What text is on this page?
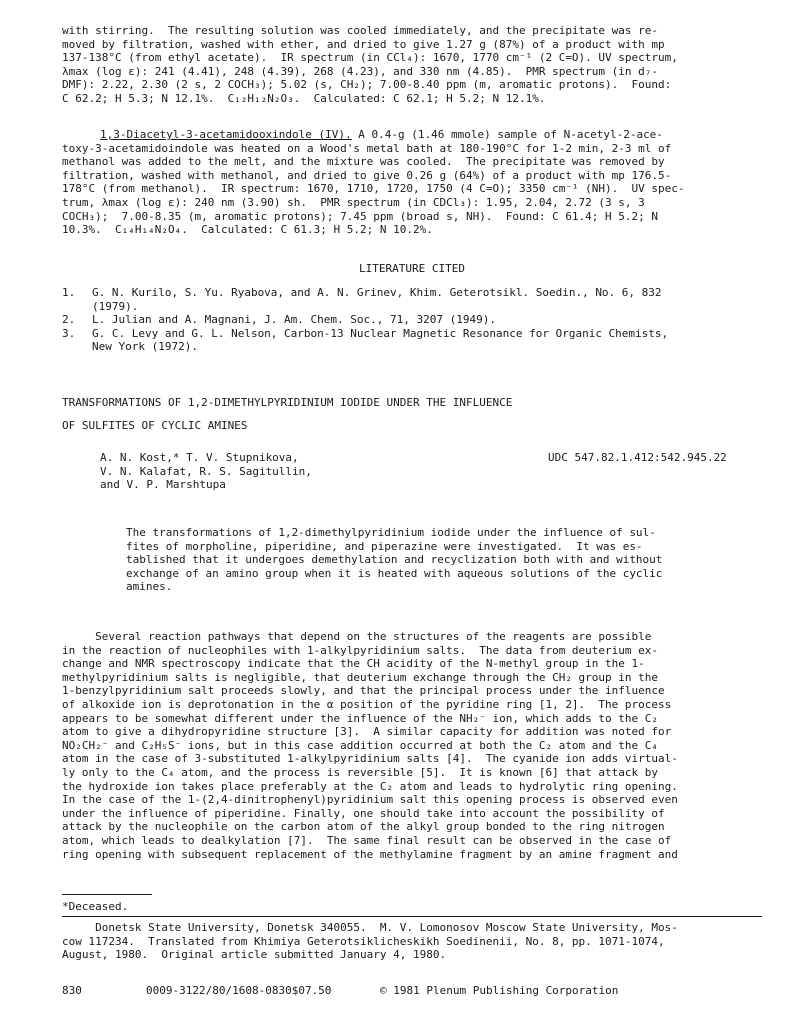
with stirring.  The resulting solution was cooled immediately, and the precipitate was re-
moved by filtration, washed with ether, and dried to give 1.27 g (87%) of a product with mp
137-138°C (from ethyl acetate).  IR spectrum (in CCl₄): 1670, 1770 cm⁻¹ (2 C=O). UV spectrum,
λmax (log ε): 241 (4.41), 248 (4.39), 268 (4.23), and 330 nm (4.85).  PMR spectrum (in d₇-
DMF): 2.22, 2.30 (2 s, 2 COCH₃); 5.02 (s, CH₂); 7.00-8.40 ppm (m, aromatic protons).  Found:
C 62.2; H 5.3; N 12.1%.  C₁₂H₁₂N₂O₃.  Calculated: C 62.1; H 5.2; N 12.1%.
1,3-Diacetyl-3-acetamidooxindole (IV). A 0.4-g (1.46 mmole) sample of N-acetyl-2-ace-
toxy-3-acetamidoindole was heated on a Wood's metal bath at 180-190°C for 1-2 min, 2-3 ml of
methanol was added to the melt, and the mixture was cooled.  The precipitate was removed by
filtration, washed with methanol, and dried to give 0.26 g (64%) of a product with mp 176.5-
178°C (from methanol).  IR spectrum: 1670, 1710, 1720, 1750 (4 C=O); 3350 cm⁻¹ (NH).  UV spec-
trum, λmax (log ε): 240 nm (3.90) sh.  PMR spectrum (in CDCl₃): 1.95, 2.04, 2.72 (3 s, 3
COCH₃);  7.00-8.35 (m, aromatic protons); 7.45 ppm (broad s, NH).  Found: C 61.4; H 5.2; N
10.3%.  C₁₄H₁₄N₂O₄.  Calculated: C 61.3; H 5.2; N 10.2%.
LITERATURE CITED
1.	G. N. Kurilo, S. Yu. Ryabova, and A. N. Grinev, Khim. Geterotsikl. Soedin., No. 6, 832
(1979).
2.	L. Julian and A. Magnani, J. Am. Chem. Soc., 71, 3207 (1949).
3.	G. C. Levy and G. L. Nelson, Carbon-13 Nuclear Magnetic Resonance for Organic Chemists,
New York (1972).
TRANSFORMATIONS OF 1,2-DIMETHYLPYRIDINIUM IODIDE UNDER THE INFLUENCE
OF SULFITES OF CYCLIC AMINES
A. N. Kost,* T. V. Stupnikova,
V. N. Kalafat, R. S. Sagitullin,
and V. P. Marshtupa
UDC 547.82.1.412:542.945.22
The transformations of 1,2-dimethylpyridinium iodide under the influence of sul-
fites of morpholine, piperidine, and piperazine were investigated.  It was es-
tablished that it undergoes demethylation and recyclization both with and without
exchange of an amino group when it is heated with aqueous solutions of the cyclic
amines.
Several reaction pathways that depend on the structures of the reagents are possible
in the reaction of nucleophiles with 1-alkylpyridinium salts.  The data from deuterium ex-
change and NMR spectroscopy indicate that the CH acidity of the N-methyl group in the 1-
methylpyridinium salts is negligible, that deuterium exchange through the CH₂ group in the
1-benzylpyridinium salt proceeds slowly, and that the principal process under the influence
of alkoxide ion is deprotonation in the α position of the pyridine ring [1, 2].  The process
appears to be somewhat different under the influence of the NH₂⁻ ion, which adds to the C₂
atom to give a dihydropyridine structure [3].  A similar capacity for addition was noted for
NO₂CH₂⁻ and C₂H₅S⁻ ions, but in this case addition occurred at both the C₂ atom and the C₄
atom in the case of 3-substituted 1-alkylpyridinium salts [4].  The cyanide ion adds virtual-
ly only to the C₄ atom, and the process is reversible [5].  It is known [6] that attack by
the hydroxide ion takes place preferably at the C₂ atom and leads to hydrolytic ring opening.
In the case of the 1-(2,4-dinitrophenyl)pyridinium salt this opening process is observed even
under the influence of piperidine. Finally, one should take into account the possibility of
attack by the nucleophile on the carbon atom of the alkyl group bonded to the ring nitrogen
atom, which leads to dealkylation [7].  The same final result can be observed in the case of
ring opening with subsequent replacement of the methylamine fragment by an amine fragment and
*Deceased.
Donetsk State University, Donetsk 340055.  M. V. Lomonosov Moscow State University, Mos-
cow 117234.  Translated from Khimiya Geterotsiklicheskikh Soedinenii, No. 8, pp. 1071-1074,
August, 1980.  Original article submitted January 4, 1980.
830	0009-3122/80/1608-0830$07.50	© 1981 Plenum Publishing Corporation
